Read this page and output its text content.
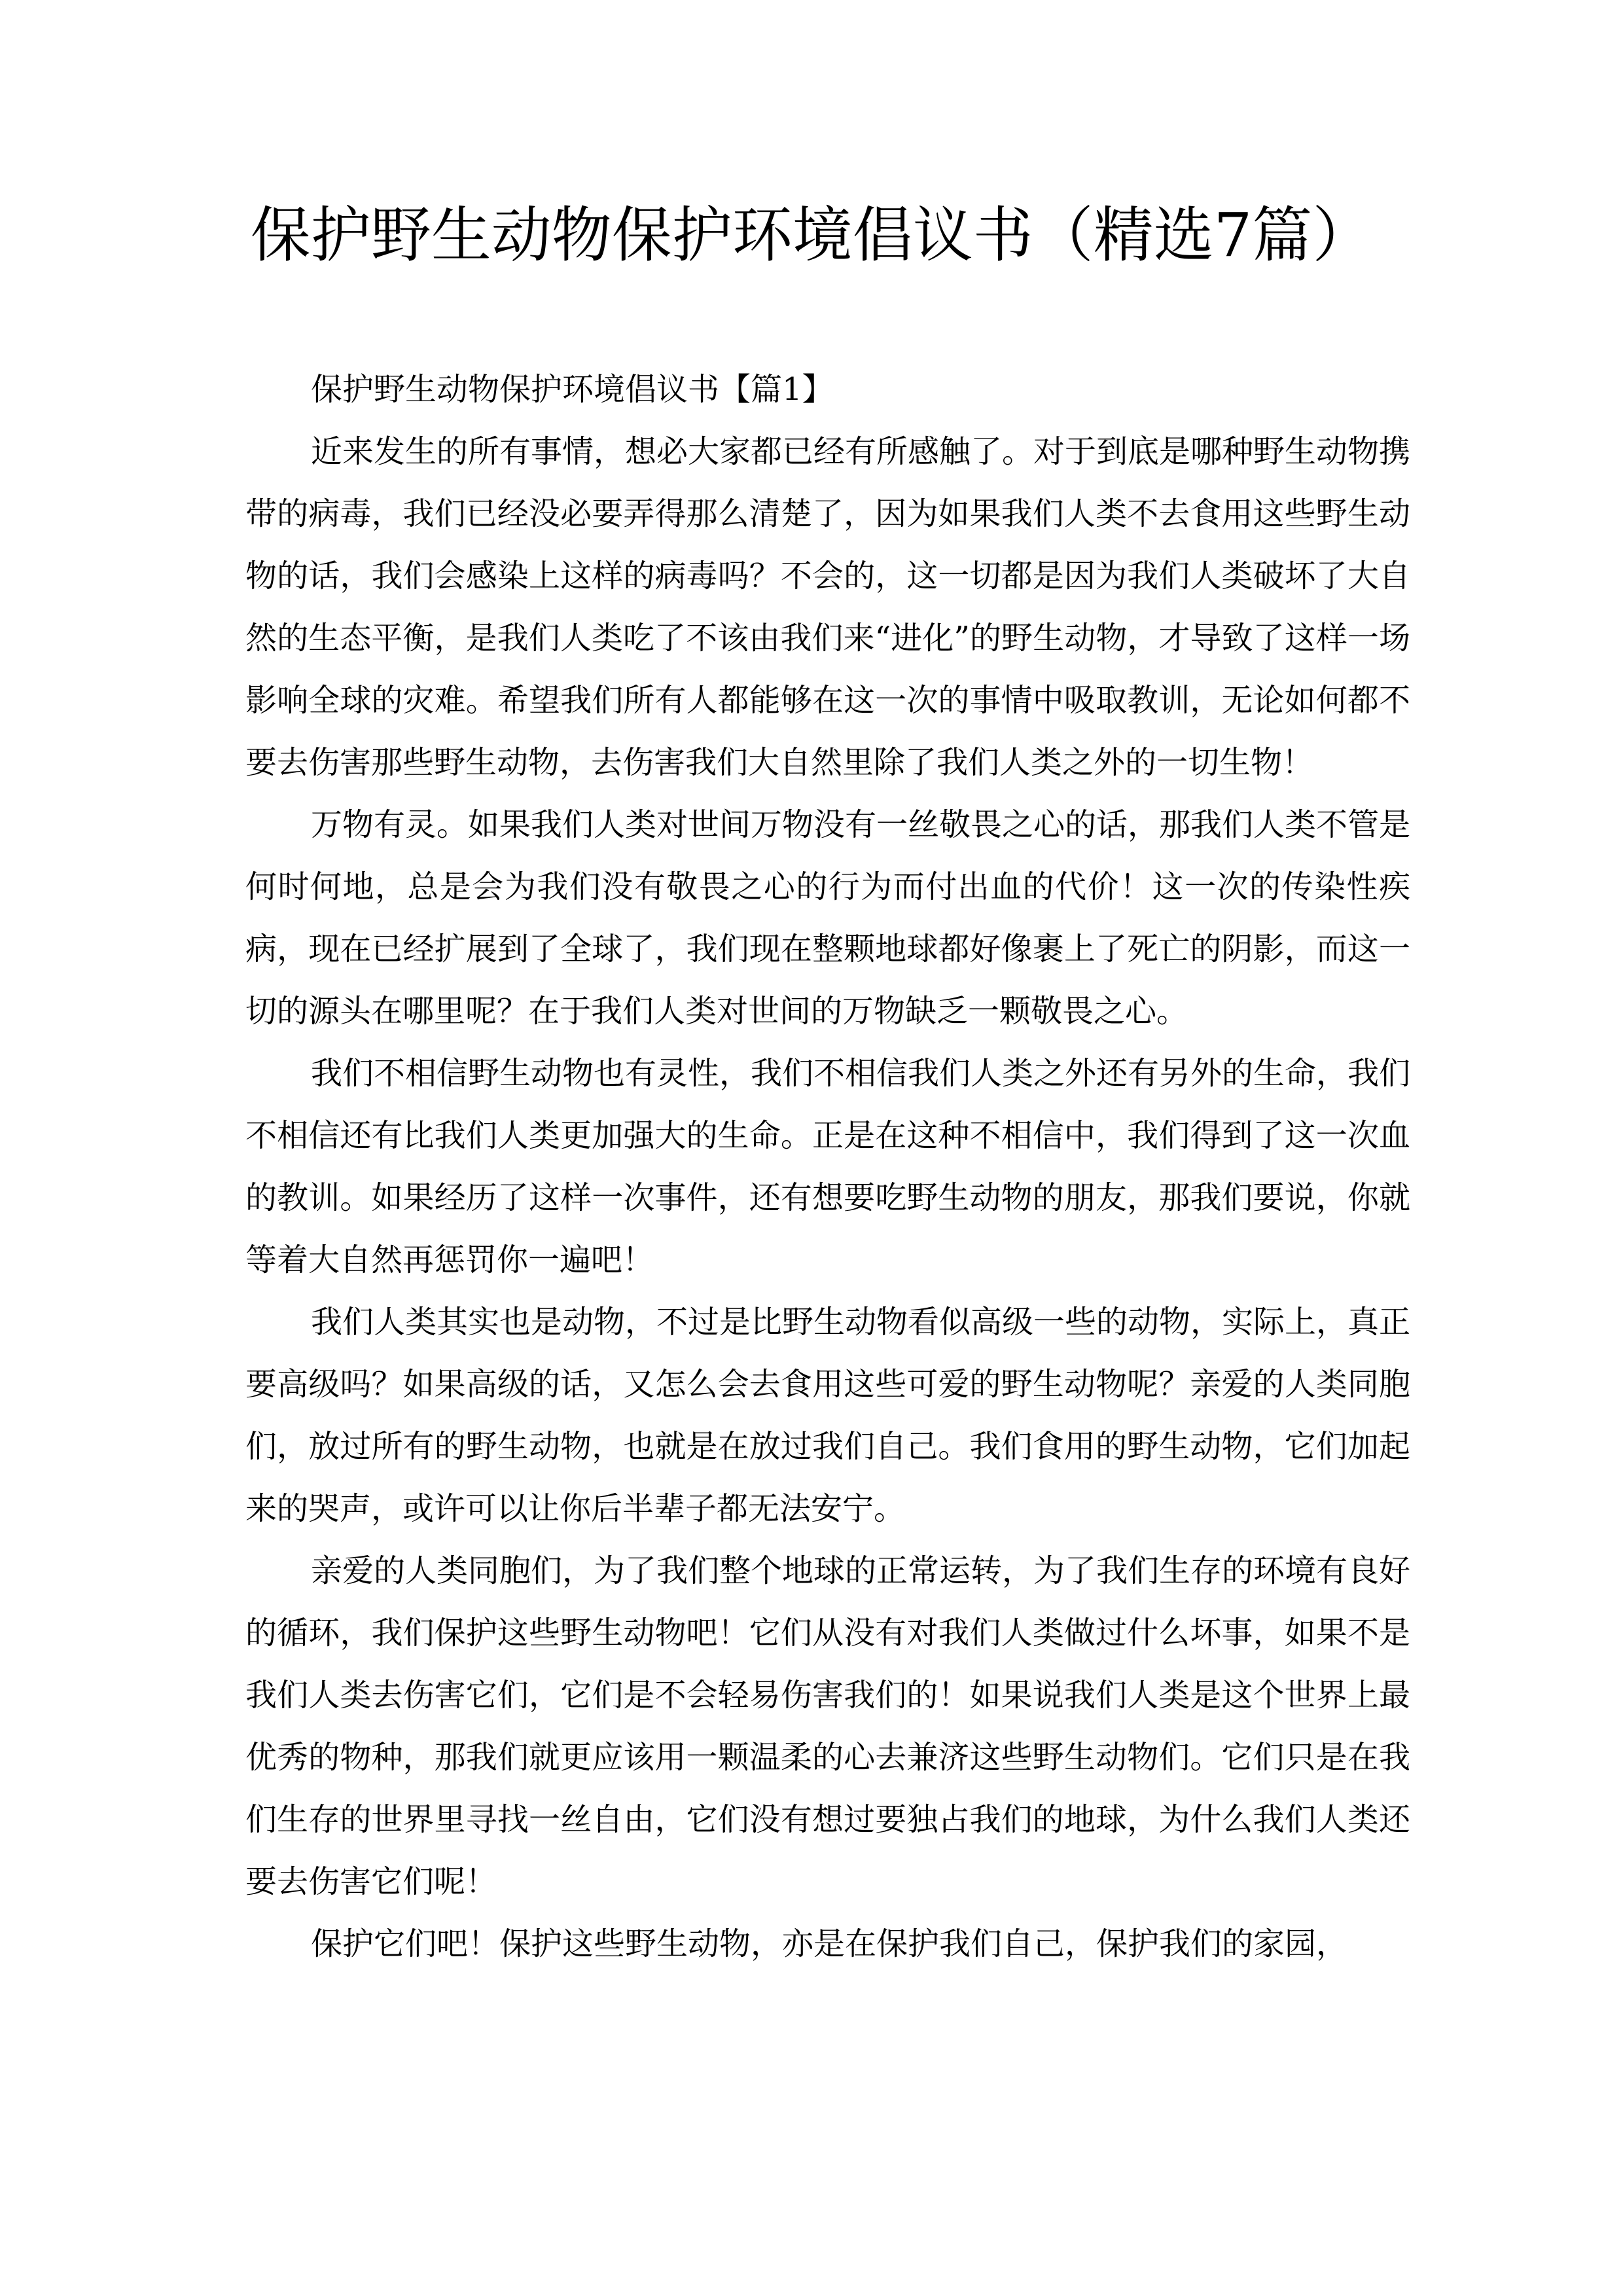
保护野生动物保护环境倡议书（精选7篇）
保护野生动物保护环境倡议书【篇1】

近来发生的所有事情，想必大家都已经有所感触了。对于到底是哪种野生动物携带的病毒，我们已经没必要弄得那么清楚了，因为如果我们人类不去食用这些野生动物的话，我们会感染上这样的病毒吗？不会的，这一切都是因为我们人类破坏了大自然的生态平衡，是我们人类吃了不该由我们来“进化”的野生动物，才导致了这样一场影响全球的灾难。希望我们所有人都能够在这一次的事情中吸取教训，无论如何都不要去伤害那些野生动物，去伤害我们大自然里除了我们人类之外的一切生物！

万物有灵。如果我们人类对世间万物没有一丝敬畏之心的话，那我们人类不管是何时何地，总是会为我们没有敬畏之心的行为而付出血的代价！这一次的传染性疾病，现在已经扩展到了全球了，我们现在整颗地球都好像裹上了死亡的阴影，而这一切的源头在哪里呢？在于我们人类对世间的万物缺乏一颗敬畏之心。

我们不相信野生动物也有灵性，我们不相信我们人类之外还有另外的生命，我们不相信还有比我们人类更加强大的生命。正是在这种不相信中，我们得到了这一次血的教训。如果经历了这样一次事件，还有想要吃野生动物的朋友，那我们要说，你就等着大自然再惩罚你一遍吧！

我们人类其实也是动物，不过是比野生动物看似高级一些的动物，实际上，真正要高级吗？如果高级的话，又怎么会去食用这些可爱的野生动物呢？亲爱的人类同胞们，放过所有的野生动物，也就是在放过我们自己。我们食用的野生动物，它们加起来的哭声，或许可以让你后半辈子都无法安宁。

亲爱的人类同胞们，为了我们整个地球的正常运转，为了我们生存的环境有良好的循环，我们保护这些野生动物吧！它们从没有对我们人类做过什么坏事，如果不是我们人类去伤害它们，它们是不会轻易伤害我们的！如果说我们人类是这个世界上最优秀的物种，那我们就更应该用一颗温柔的心去兼济这些野生动物们。它们只是在我们生存的世界里寻找一丝自由，它们没有想过要独占我们的地球，为什么我们人类还要去伤害它们呢！

保护它们吧！保护这些野生动物，亦是在保护我们自己，保护我们的家园，
